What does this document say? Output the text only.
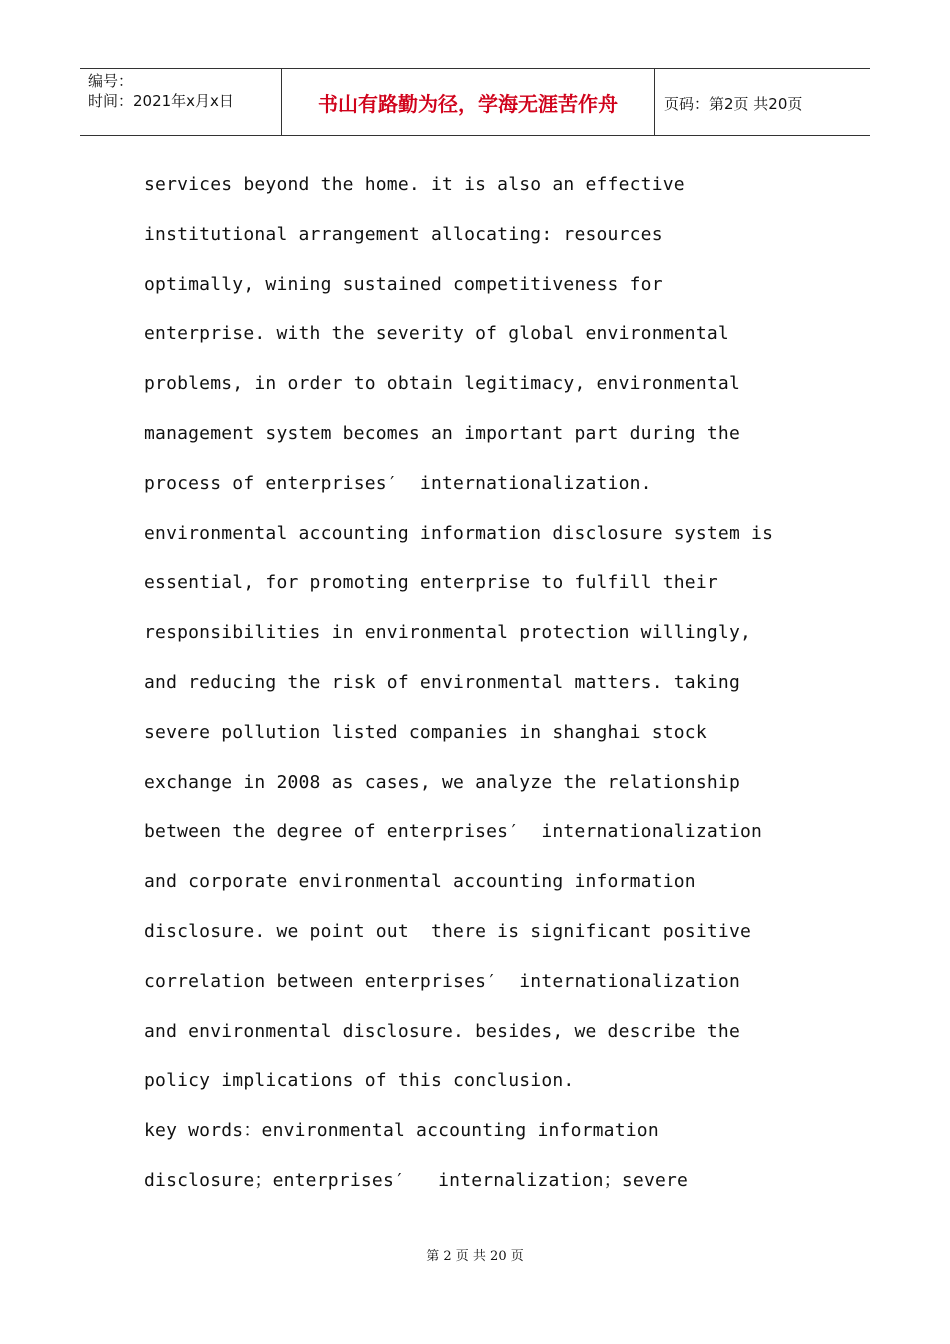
编号：
时间：2021年x月x日	书山有路勤为径，学海无涯苦作舟	页码：第2页 共20页
services beyond the home. it is also an effective
institutional arrangement allocating: resources
optimally, wining sustained competitiveness for
enterprise. with the severity of global environmental
problems, in order to obtain legitimacy, environmental
management system becomes an important part during the
process of enterprises′  internationalization.
environmental accounting information disclosure system is
essential, for promoting enterprise to fulfill their
responsibilities in environmental protection willingly,
and reducing the risk of environmental matters. taking
severe pollution listed companies in shanghai stock
exchange in 2008 as cases, we analyze the relationship
between the degree of enterprises′  internationalization
and corporate environmental accounting information
disclosure. we point out  there is significant positive
correlation between enterprises′  internationalization
and environmental disclosure. besides, we describe the
policy implications of this conclusion.
key words：environmental accounting information
disclosure；enterprises′   internalization；severe
第 2 页 共 20 页
